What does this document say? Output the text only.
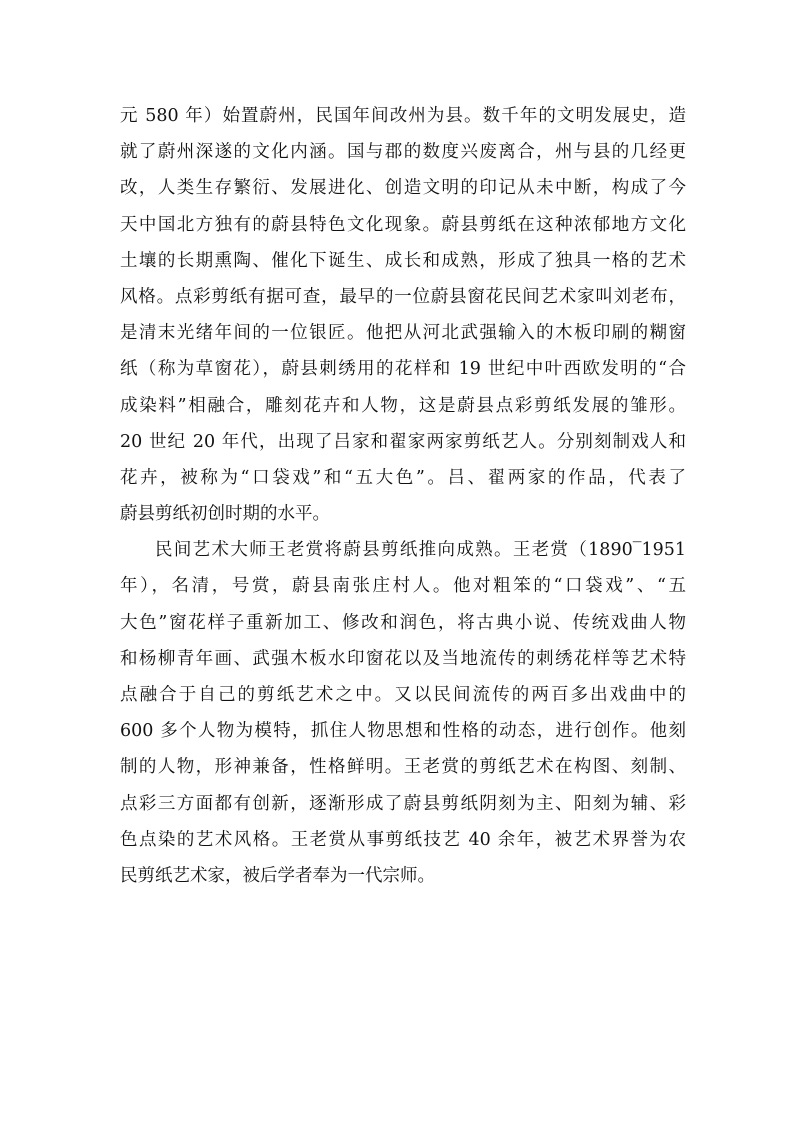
元 580 年）始置蔚州，民国年间改州为县。数千年的文明发展史，造
就了蔚州深遂的文化内涵。国与郡的数度兴废离合，州与县的几经更
改，人类生存繁衍、发展进化、创造文明的印记从未中断，构成了今
天中国北方独有的蔚县特色文化现象。蔚县剪纸在这种浓郁地方文化
土壤的长期熏陶、催化下诞生、成长和成熟，形成了独具一格的艺术
风格。点彩剪纸有据可查，最早的一位蔚县窗花民间艺术家叫刘老布，
是清末光绪年间的一位银匠。他把从河北武强输入的木板印刷的糊窗
纸（称为草窗花），蔚县刺绣用的花样和 19 世纪中叶西欧发明的“合
成染料”相融合，雕刻花卉和人物，这是蔚县点彩剪纸发展的雏形。
20 世纪 20 年代，出现了吕家和翟家两家剪纸艺人。分别刻制戏人和
花卉，被称为“口袋戏”和“五大色”。吕、翟两家的作品，代表了
蔚县剪纸初创时期的水平。
民间艺术大师王老赏将蔚县剪纸推向成熟。王老赏（1890‾1951
年），名清，号赏，蔚县南张庄村人。他对粗笨的“口袋戏”、“五
大色”窗花样子重新加工、修改和润色，将古典小说、传统戏曲人物
和杨柳青年画、武强木板水印窗花以及当地流传的刺绣花样等艺术特
点融合于自己的剪纸艺术之中。又以民间流传的两百多出戏曲中的
600 多个人物为模特，抓住人物思想和性格的动态，进行创作。他刻
制的人物，形神兼备，性格鲜明。王老赏的剪纸艺术在构图、刻制、
点彩三方面都有创新，逐渐形成了蔚县剪纸阴刻为主、阳刻为辅、彩
色点染的艺术风格。王老赏从事剪纸技艺 40 余年，被艺术界誉为农
民剪纸艺术家，被后学者奉为一代宗师。
